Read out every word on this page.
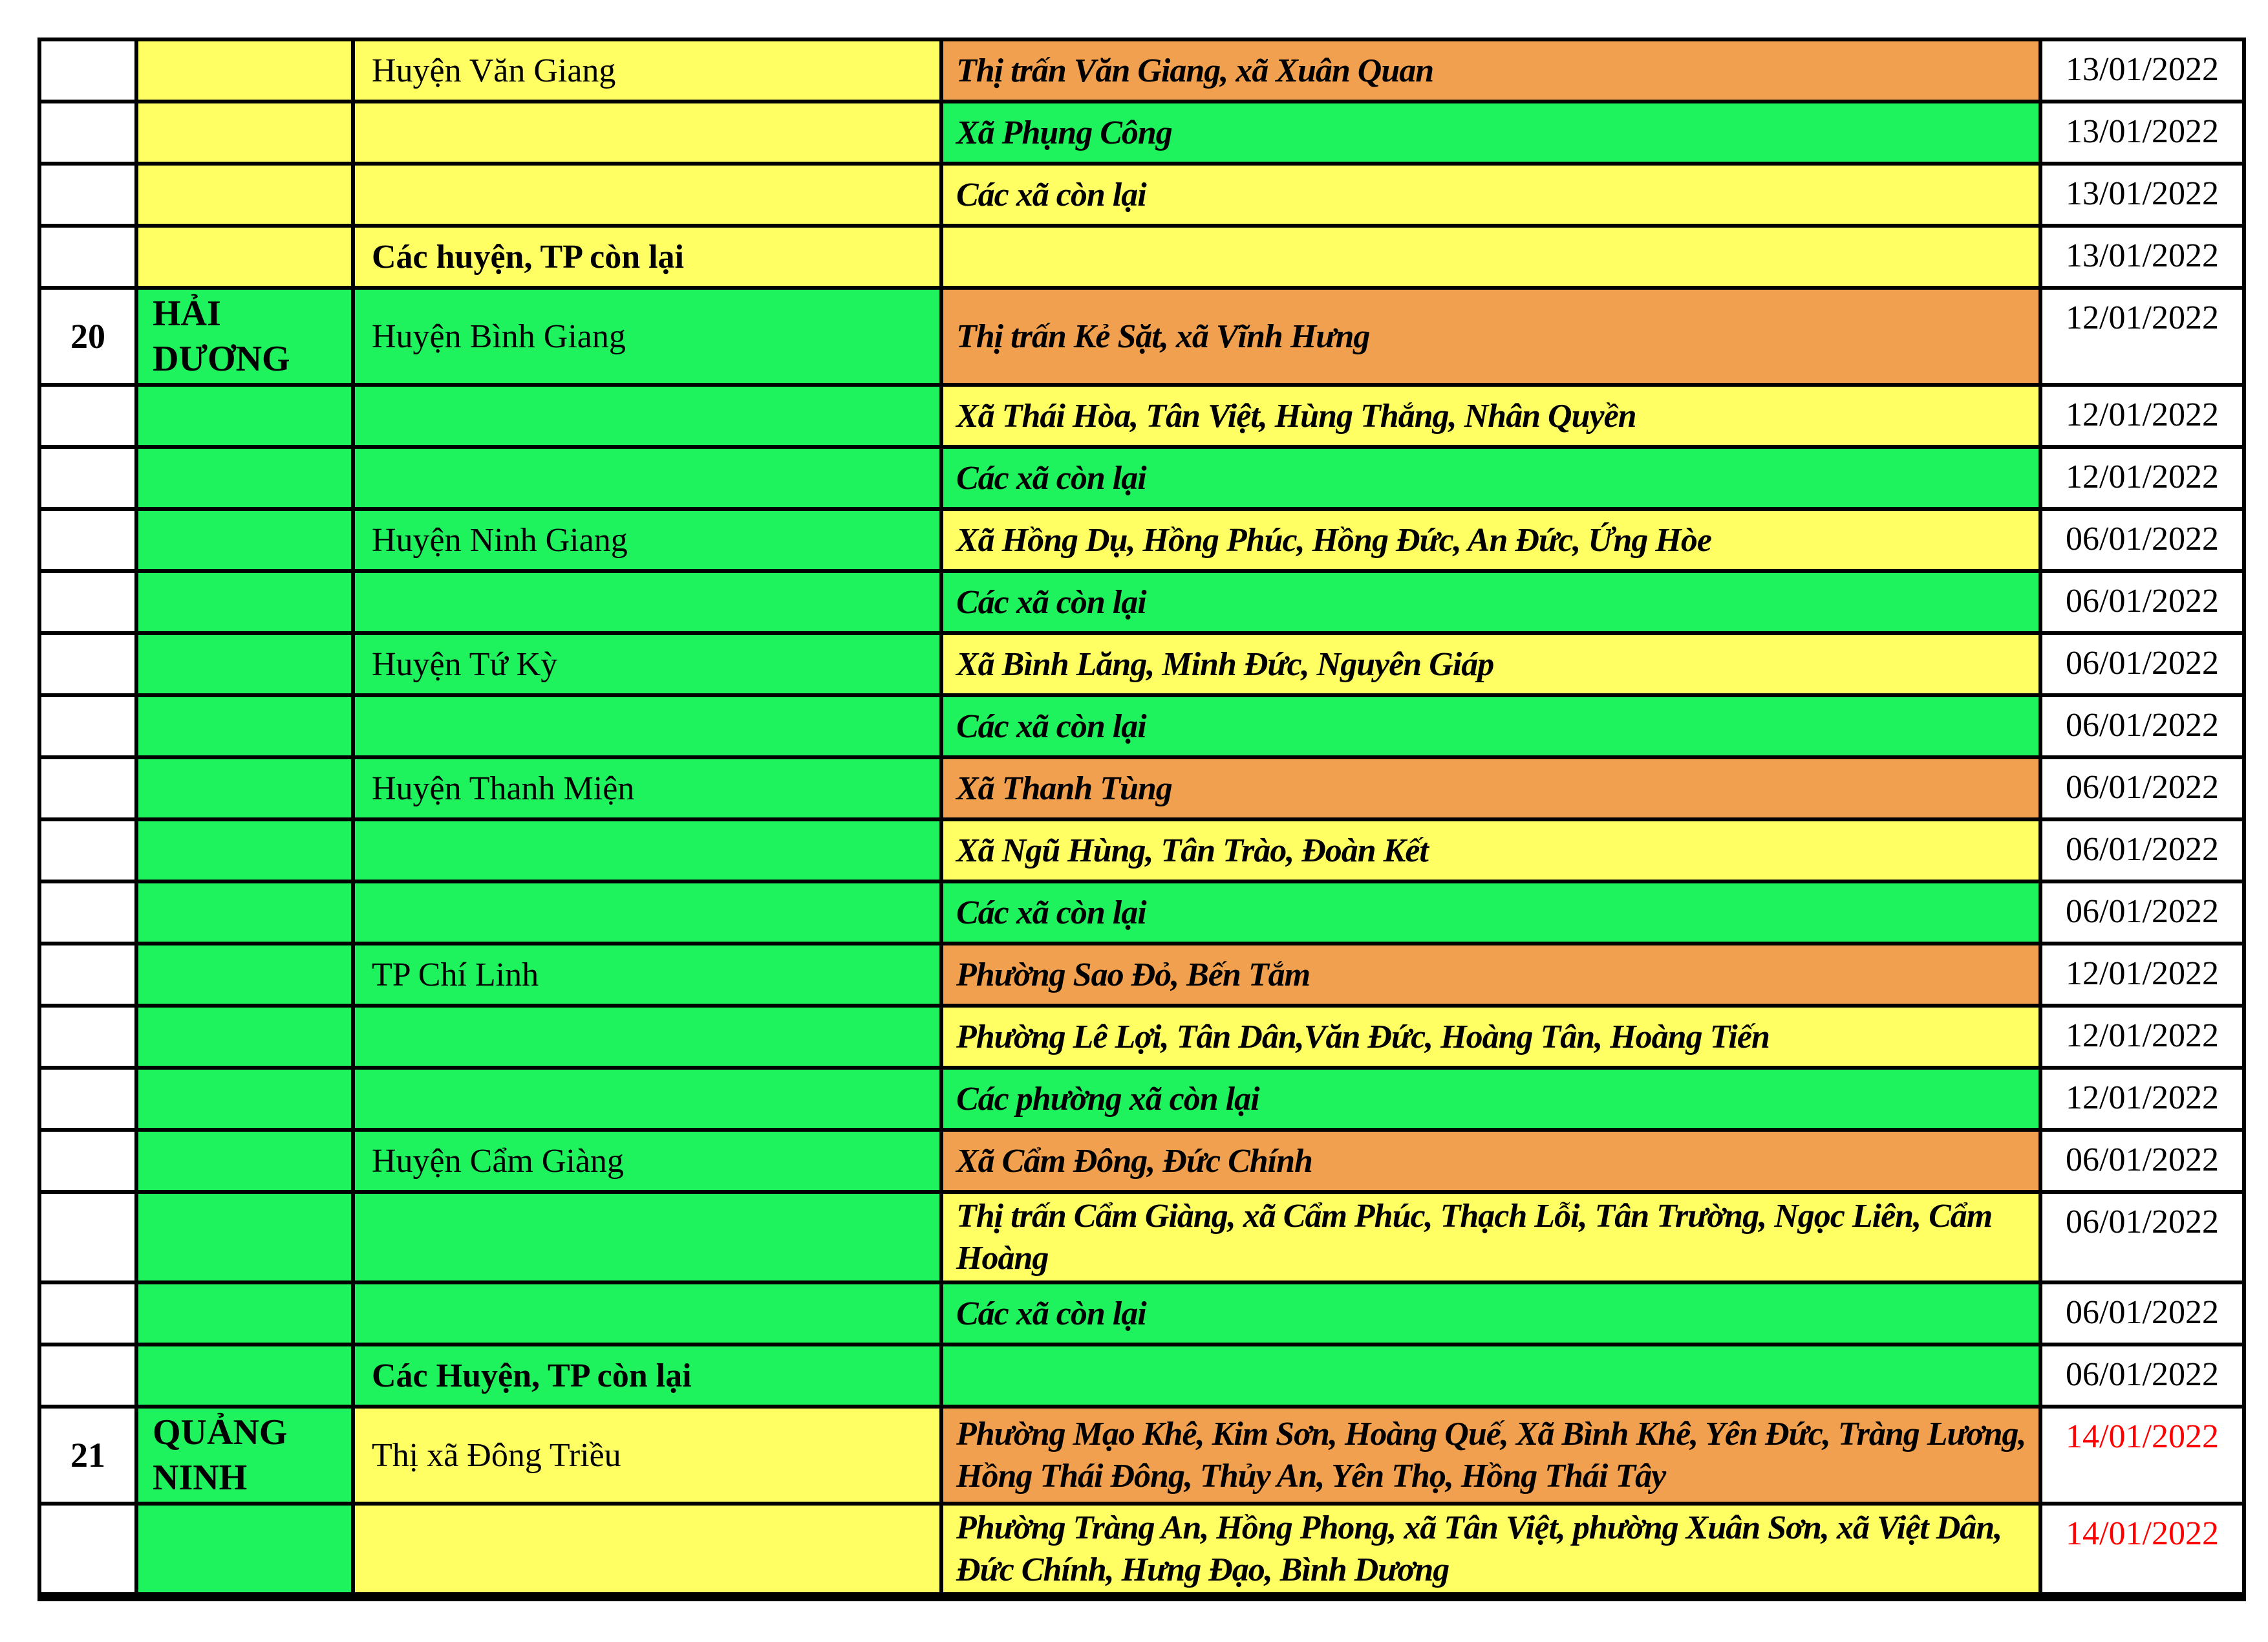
		Huyện Văn Giang	Thị trấn Văn Giang, xã Xuân Quan	13/01/2022
			Xã Phụng Công	13/01/2022
			Các xã còn lại	13/01/2022
		Các huyện, TP còn lại		13/01/2022
20	HẢI DƯƠNG	Huyện Bình Giang	Thị trấn Kẻ Sặt, xã Vĩnh Hưng	12/01/2022
			Xã Thái Hòa, Tân Việt, Hùng Thắng, Nhân Quyền	12/01/2022
			Các xã còn lại	12/01/2022
		Huyện Ninh Giang	Xã Hồng Dụ, Hồng Phúc, Hồng Đức, An Đức, Ứng Hòe	06/01/2022
			Các xã còn lại	06/01/2022
		Huyện Tứ Kỳ	Xã Bình Lăng, Minh Đức, Nguyên Giáp	06/01/2022
			Các xã còn lại	06/01/2022
		Huyện Thanh Miện	Xã Thanh Tùng	06/01/2022
			Xã Ngũ Hùng, Tân Trào, Đoàn Kết	06/01/2022
			Các xã còn lại	06/01/2022
		TP Chí Linh	Phường Sao Đỏ, Bến Tắm	12/01/2022
			Phường Lê Lợi, Tân Dân,Văn Đức, Hoàng Tân, Hoàng Tiến	12/01/2022
			Các phường xã còn lại	12/01/2022
		Huyện Cẩm Giàng	Xã Cẩm Đông, Đức Chính	06/01/2022
			Thị trấn Cẩm Giàng, xã Cẩm Phúc, Thạch Lỗi, Tân Trường, Ngọc Liên, Cẩm Hoàng	06/01/2022
			Các xã còn lại	06/01/2022
		Các Huyện, TP còn lại		06/01/2022
21	QUẢNG NINH	Thị xã Đông Triều	Phường Mạo Khê, Kim Sơn, Hoàng Quế, Xã Bình Khê, Yên Đức, Tràng Lương, Hồng Thái Đông, Thủy An, Yên Thọ, Hồng Thái Tây	14/01/2022
			Phường Tràng An, Hồng Phong, xã Tân Việt, phường Xuân Sơn, xã Việt Dân, Đức Chính, Hưng Đạo, Bình Dương	14/01/2022
